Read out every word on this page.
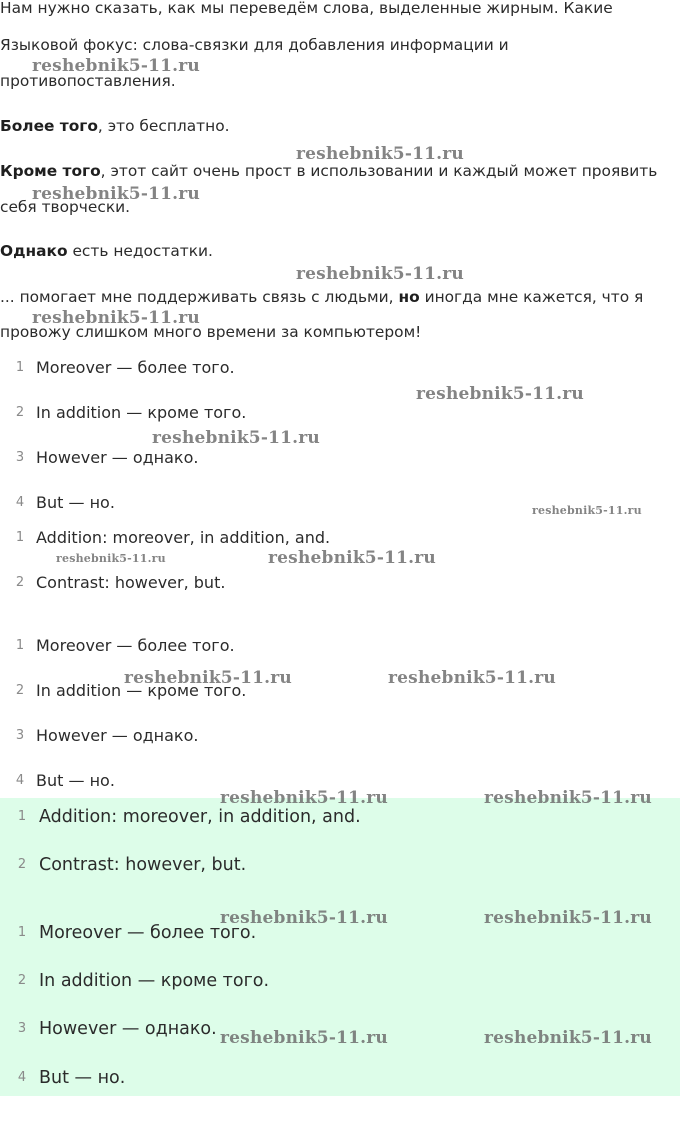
Нам нужно сказать, как мы переведём слова, выделенные жирным. Какие

Языковой фокус: слова-связки для добавления информации и

противопоставления.

Более того, это бесплатно.

Кроме того, этот сайт очень прост в использовании и каждый может проявить

себя творчески.

Однако есть недостатки.

... помогает мне поддерживать связь с людьми, но иногда мне кажется, что я

провожу слишком много времени за компьютером!

1 Moreover — более того.
2 In addition — кроме того.
3 However — однако.
4 But — но.
1 Addition: moreover, in addition, and.
2 Contrast: however, but.
1 Moreover — более того.
2 In addition — кроме того.
3 However — однако.
4 But — но.
1 Addition: moreover, in addition, and.
2 Contrast: however, but.
1 Moreover — более того.
2 In addition — кроме того.
3 However — однако.
4 But — но.
reshebnik5-11.ru
reshebnik5-11.ru
reshebnik5-11.ru
reshebnik5-11.ru
reshebnik5-11.ru
reshebnik5-11.ru
reshebnik5-11.ru
reshebnik5-11.ru
reshebnik5-11.ru	reshebnik5-11.ru
reshebnik5-11.ru	reshebnik5-11.ru
reshebnik5-11.ru	reshebnik5-11.ru
reshebnik5-11.ru	reshebnik5-11.ru
reshebnik5-11.ru	reshebnik5-11.ru
